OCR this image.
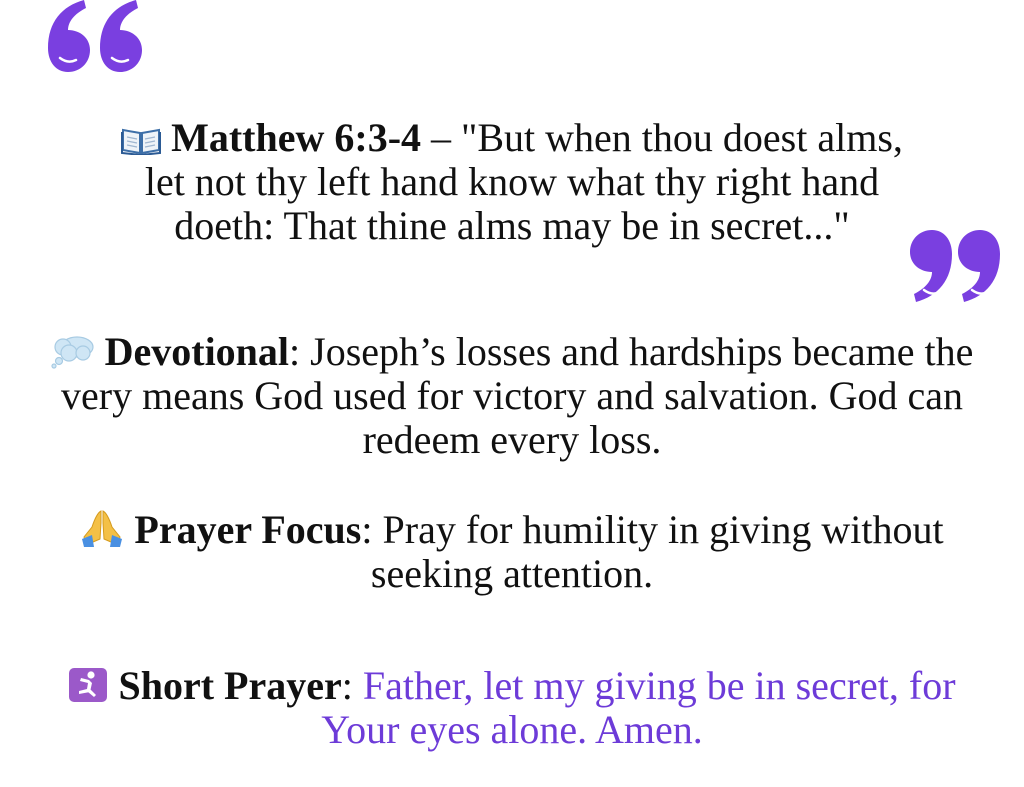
Matthew 6:3-4 – "But when thou doest alms,
let not thy left hand know what thy right hand
doeth: That thine alms may be in secret..."
Devotional: Joseph’s losses and hardships became the
very means God used for victory and salvation. God can
redeem every loss.
Prayer Focus: Pray for humility in giving without
seeking attention.
Short Prayer: Father, let my giving be in secret, for
Your eyes alone. Amen.
